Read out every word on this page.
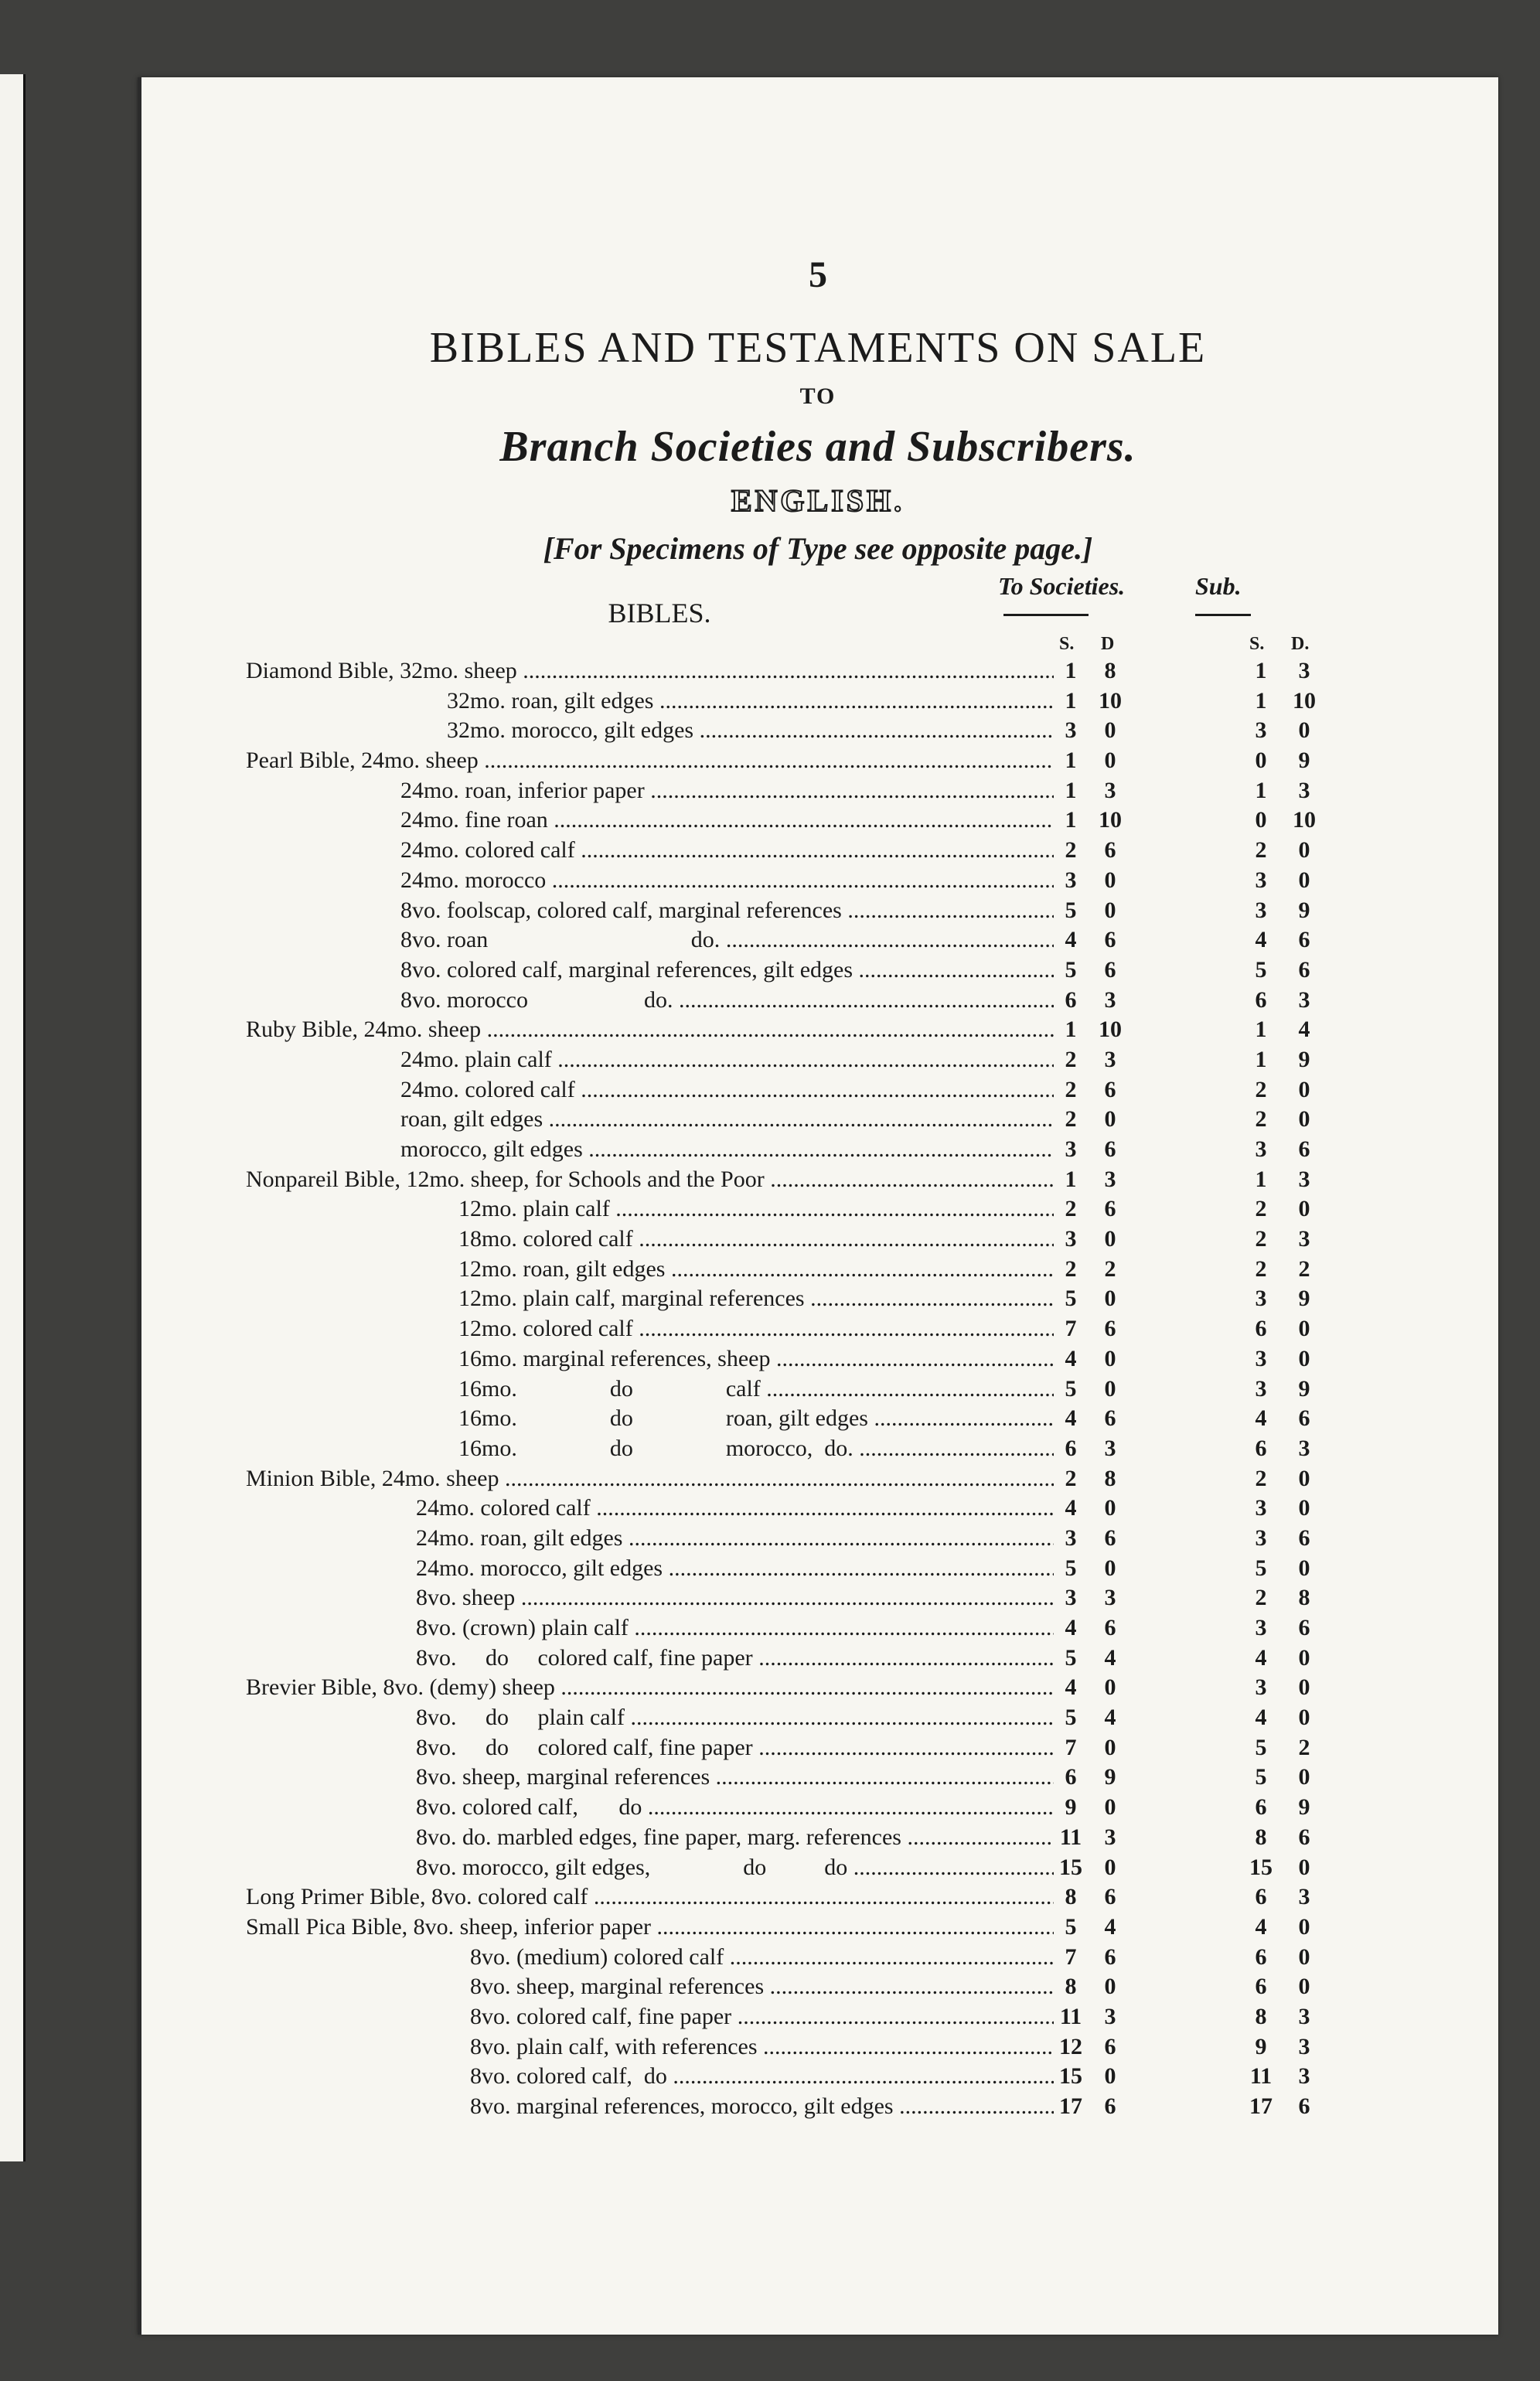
5
BIBLES AND TESTAMENTS ON SALE
TO
Branch Societies and Subscribers.
ENGLISH.
[For Specimens of Type see opposite page.]
To Societies.	Sub.
BIBLES.
S. D	S. D.
Diamond Bible, 32mo. sheep .....	1	8	1	3
32mo. roan, gilt edges .....	1 10	1	10
32mo. morocco, gilt edges .....	3	0	3	0
Pearl Bible, 24mo. sheep .....	1	0	0	9
24mo. roan, inferior paper .....	1	3	1	3
24mo. fine roan .....	1 10	0	10
24mo. colored calf .....	2	6	2	0
24mo. morocco .....	3	0	3	0
8vo. foolscap, colored calf, marginal references .....	5	0	3	9
8vo. roan                                   do. .....	4	6	4	6
8vo. colored calf, marginal references, gilt edges .....	5	6	5	6
8vo. morocco                    do. .....	6	3	6	3
Ruby Bible, 24mo. sheep .....	1 10	1	4
24mo. plain calf .....	2	3	1	9
24mo. colored calf .....	2	6	2	0
roan, gilt edges .....	2	0	2	0
morocco, gilt edges .....	3	6	3	6
Nonpareil Bible, 12mo. sheep, for Schools and the Poor .....	1	3	1	3
12mo. plain calf .....	2	6	2	0
18mo. colored calf .....	3	0	2	3
12mo. roan, gilt edges .....	2	2	2	2
12mo. plain calf, marginal references .....	5	0	3	9
12mo. colored calf .....	7	6	6	0
16mo. marginal references, sheep .....	4	0	3	0
16mo.                do                calf .....	5	0	3	9
16mo.                do                roan, gilt edges .....	4	6	4	6
16mo.                do                morocco,  do. .....	6	3	6	3
Minion Bible, 24mo. sheep .....	2	8	2	0
24mo. colored calf .....	4	0	3	0
24mo. roan, gilt edges .....	3	6	3	6
24mo. morocco, gilt edges .....	5	0	5	0
8vo. sheep .....	3	3	2	8
8vo. (crown) plain calf .....	4	6	3	6
8vo.     do     colored calf, fine paper .....	5	4	4	0
Brevier Bible, 8vo. (demy) sheep .....	4	0	3	0
8vo.     do     plain calf .....	5	4	4	0
8vo.     do     colored calf, fine paper .....	7	0	5	2
8vo. sheep, marginal references .....	6	9	5	0
8vo. colored calf,       do .....	9	0	6	9
8vo. do. marbled edges, fine paper, marg. references .....	11 3	8	6
8vo. morocco, gilt edges,                do          do .....	15 0	15	0
Long Primer Bible, 8vo. colored calf .....	8	6	6	3
Small Pica Bible, 8vo. sheep, inferior paper .....	5	4	4	0
8vo. (medium) colored calf .....	7	6	6	0
8vo. sheep, marginal references .....	8	0	6	0
8vo. colored calf, fine paper .....	11 3	8	3
8vo. plain calf, with references .....	12 6	9	3
8vo. colored calf,  do .....	15 0	11	3
8vo. marginal references, morocco, gilt edges .....	17 6	17	6
